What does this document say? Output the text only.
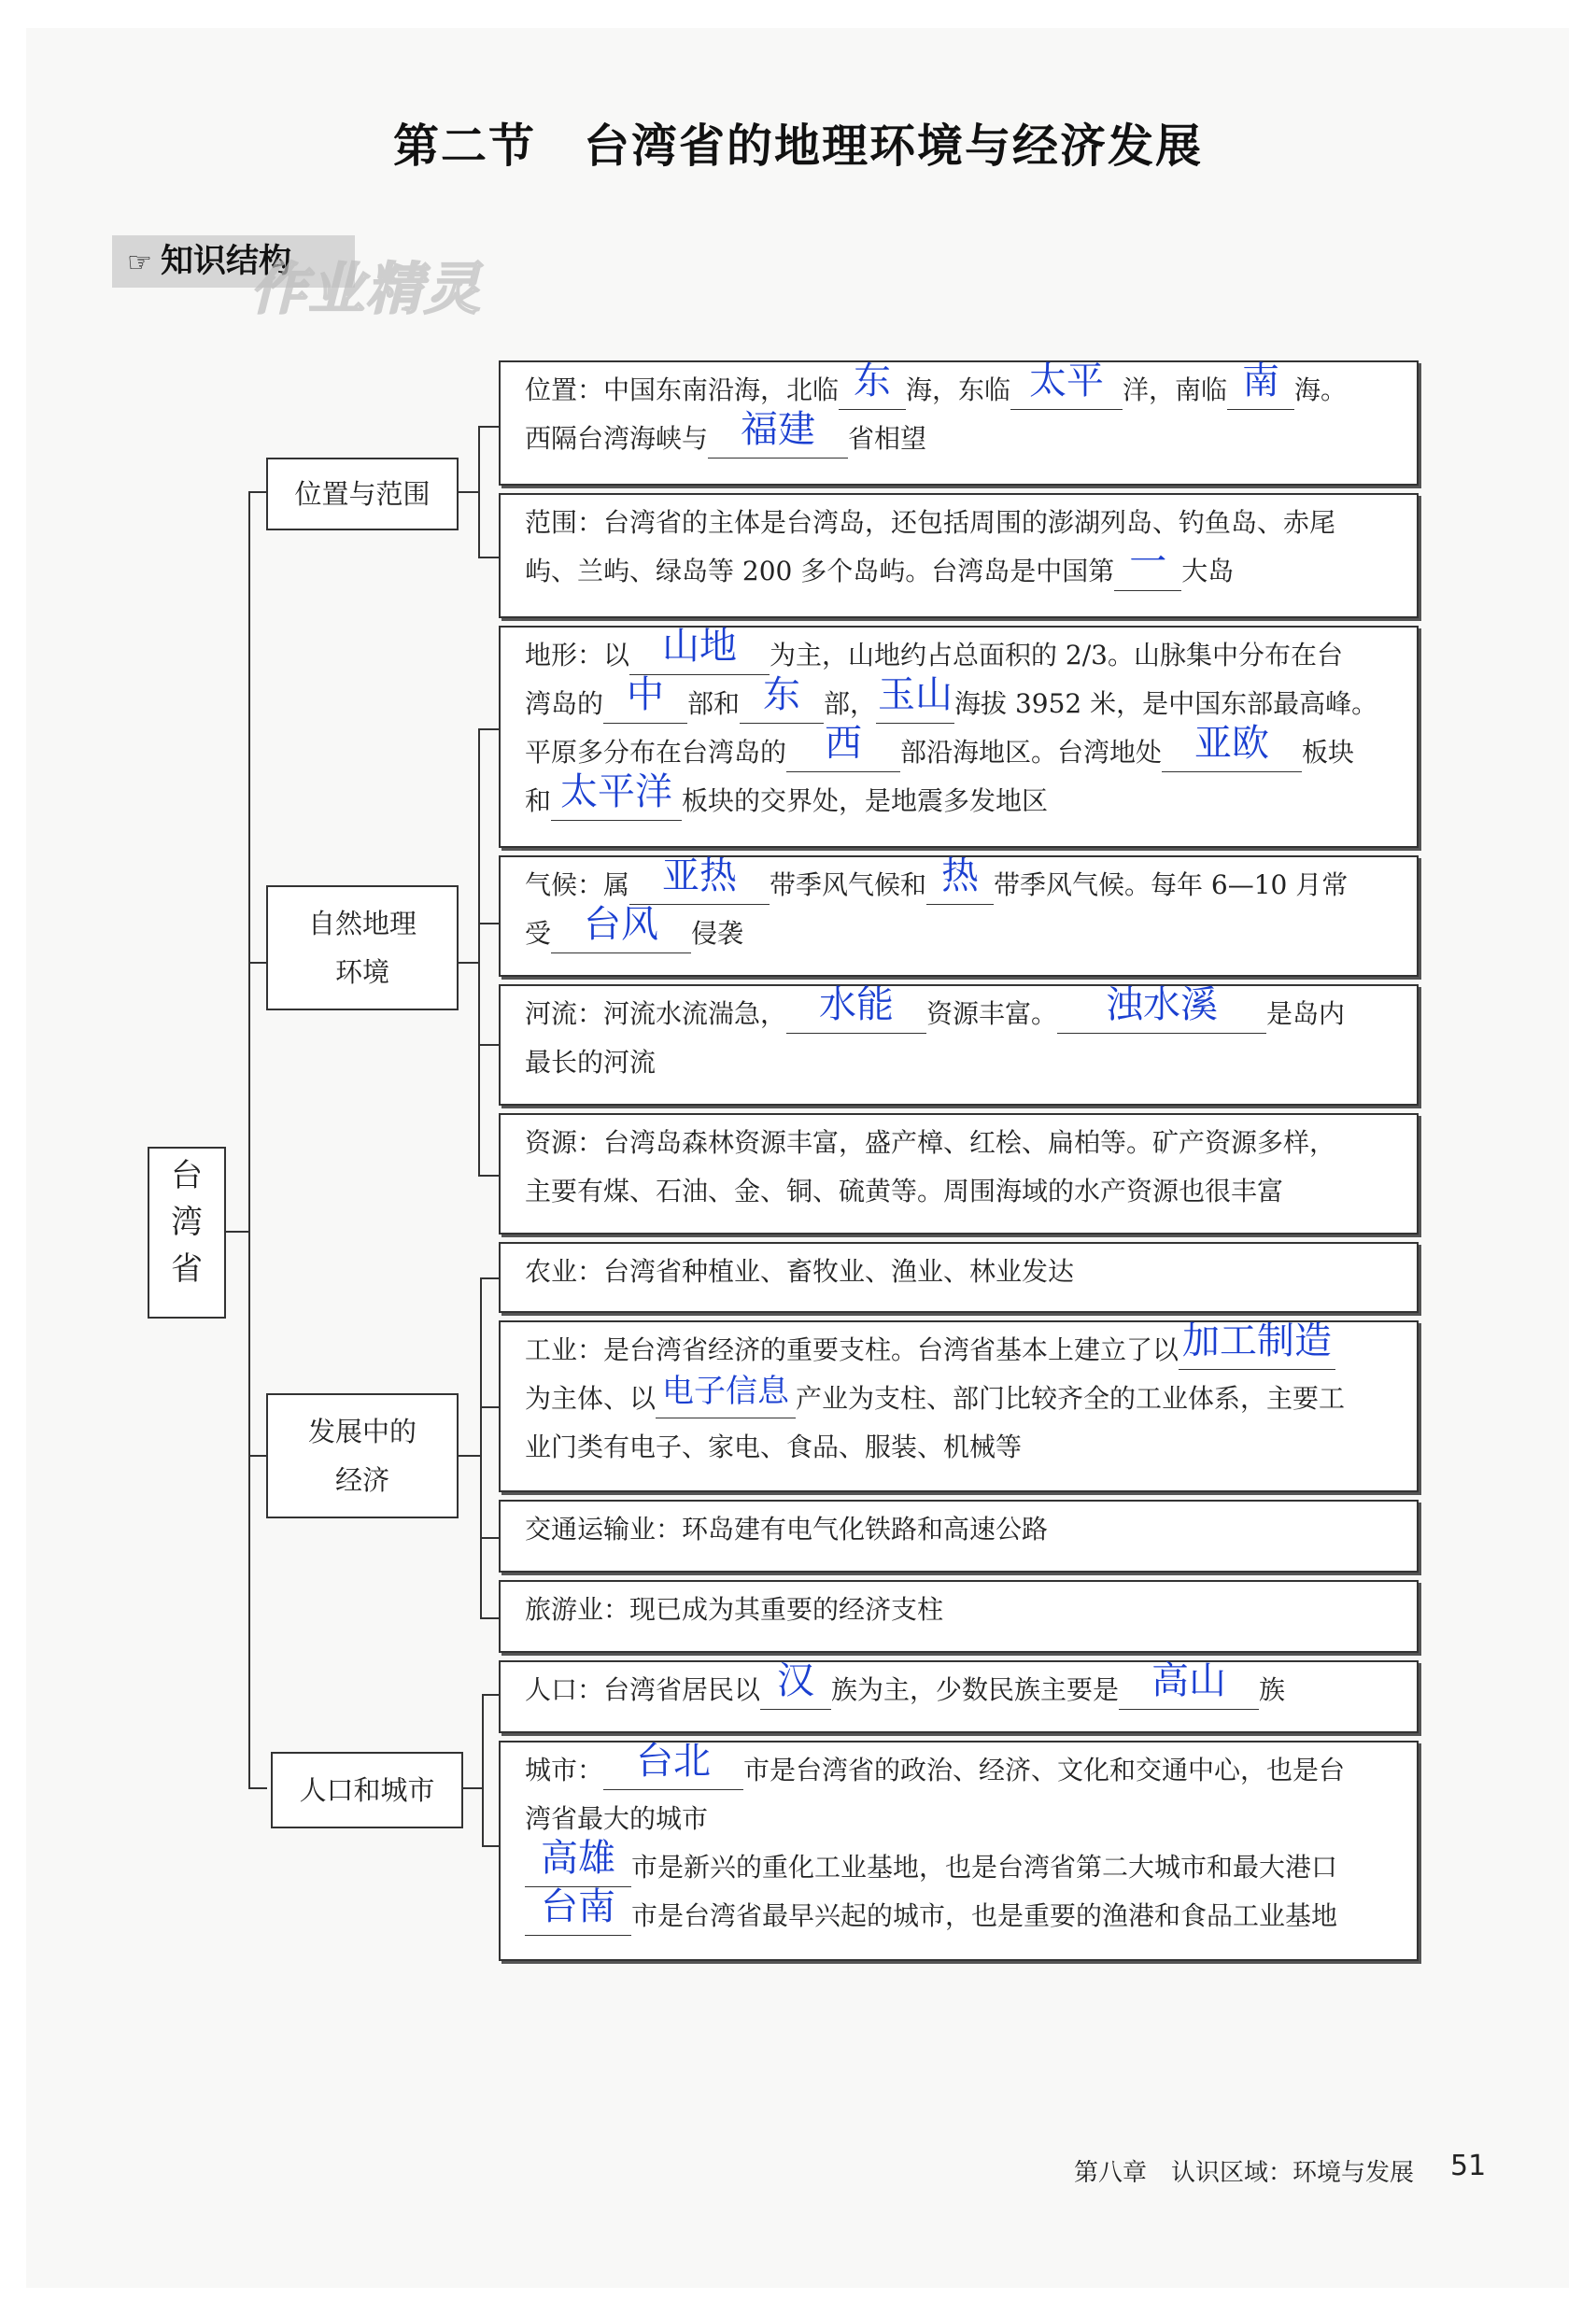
第二节　台湾省的地理环境与经济发展
☞ 知识结构
作业精灵
台
湾
省
位置与范围
自然地理
环境
发展中的
经济
人口和城市
位置：中国东南沿海，北临 东 海，东临 太平 洋，南临 南 海。
西隔台湾海峡与 福建 省相望
范围：台湾省的主体是台湾岛，还包括周围的澎湖列岛、钓鱼岛、赤尾
屿、兰屿、绿岛等 200 多个岛屿。台湾岛是中国第 一 大岛
地形：以 山地 为主，山地约占总面积的 2/3。山脉集中分布在台
湾岛的 中 部和 东 部，玉山海拔 3952 米，是中国东部最高峰。
平原多分布在台湾岛的 西 部沿海地区。台湾地处 亚欧 板块
和 太平洋 板块的交界处，是地震多发地区
气候：属 亚热 带季风气候和 热 带季风气候。每年 6—10 月常
受 台风 侵袭
河流：河流水流湍急， 水能 资源丰富。 浊水溪 是岛内
最长的河流
资源：台湾岛森林资源丰富，盛产樟、红桧、扁柏等。矿产资源多样，
主要有煤、石油、金、铜、硫黄等。周围海域的水产资源也很丰富
农业：台湾省种植业、畜牧业、渔业、林业发达
工业：是台湾省经济的重要支柱。台湾省基本上建立了以 加工制造
为主体、以 电子信息 产业为支柱、部门比较齐全的工业体系，主要工
业门类有电子、家电、食品、服装、机械等
交通运输业：环岛建有电气化铁路和高速公路
旅游业：现已成为其重要的经济支柱
人口：台湾省居民以 汉 族为主，少数民族主要是 高山 族
城市： 台北 市是台湾省的政治、经济、文化和交通中心，也是台
湾省最大的城市
高雄 市是新兴的重化工业基地，也是台湾省第二大城市和最大港口
台南 市是台湾省最早兴起的城市，也是重要的渔港和食品工业基地
第八章　认识区域：环境与发展 51
